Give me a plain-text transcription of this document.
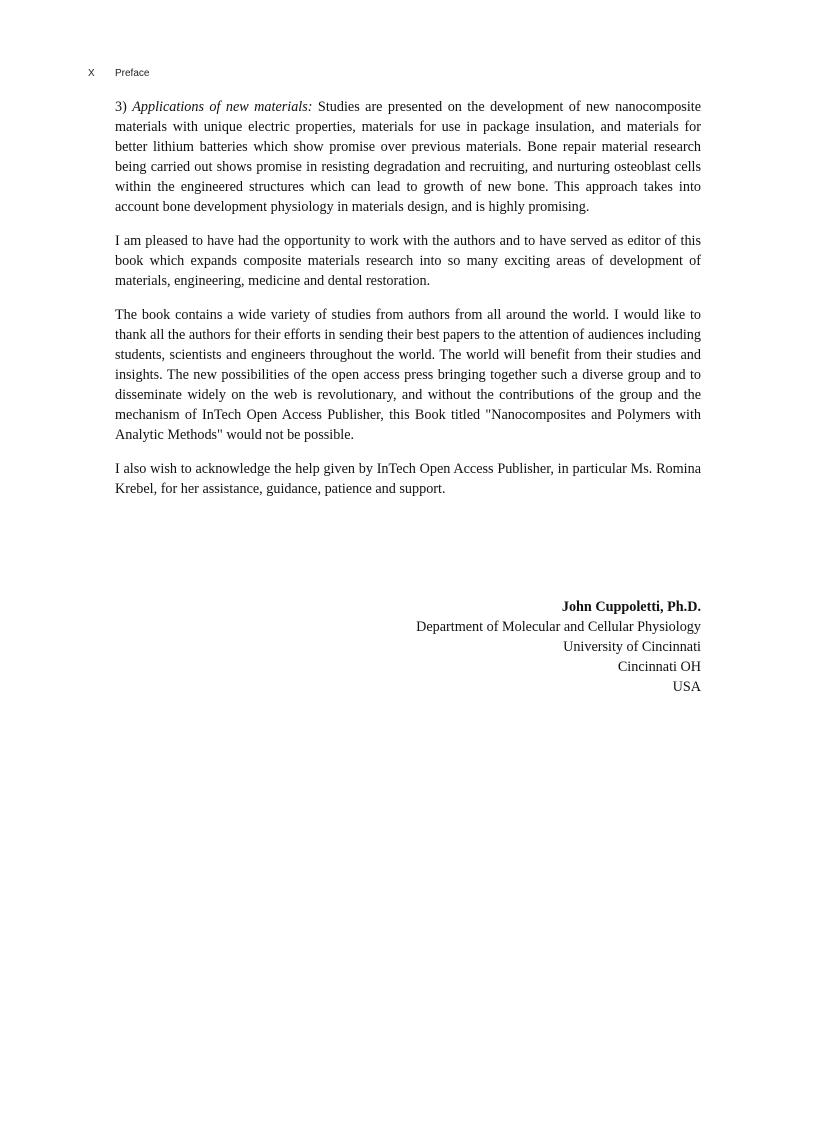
X Preface

3) Applications of new materials: Studies are presented on the development of new nanocomposite materials with unique electric properties, materials for use in package insulation, and materials for better lithium batteries which show promise over previous materials. Bone repair material research being carried out shows promise in resisting degradation and recruiting, and nurturing osteoblast cells within the engineered structures which can lead to growth of new bone. This approach takes into account bone development physiology in materials design, and is highly promising.

I am pleased to have had the opportunity to work with the authors and to have served as editor of this book which expands composite materials research into so many exciting areas of development of materials, engineering, medicine and dental restoration.

The book contains a wide variety of studies from authors from all around the world. I would like to thank all the authors for their efforts in sending their best papers to the attention of audiences including students, scientists and engineers throughout the world. The world will benefit from their studies and insights. The new possibilities of the open access press bringing together such a diverse group and to disseminate widely on the web is revolutionary, and without the contributions of the group and the mechanism of InTech Open Access Publisher, this Book titled "Nanocomposites and Polymers with Analytic Methods" would not be possible.

I also wish to acknowledge the help given by InTech Open Access Publisher, in particular Ms. Romina Krebel, for her assistance, guidance, patience and support.

John Cuppoletti, Ph.D.
Department of Molecular and Cellular Physiology
University of Cincinnati
Cincinnati OH
USA
